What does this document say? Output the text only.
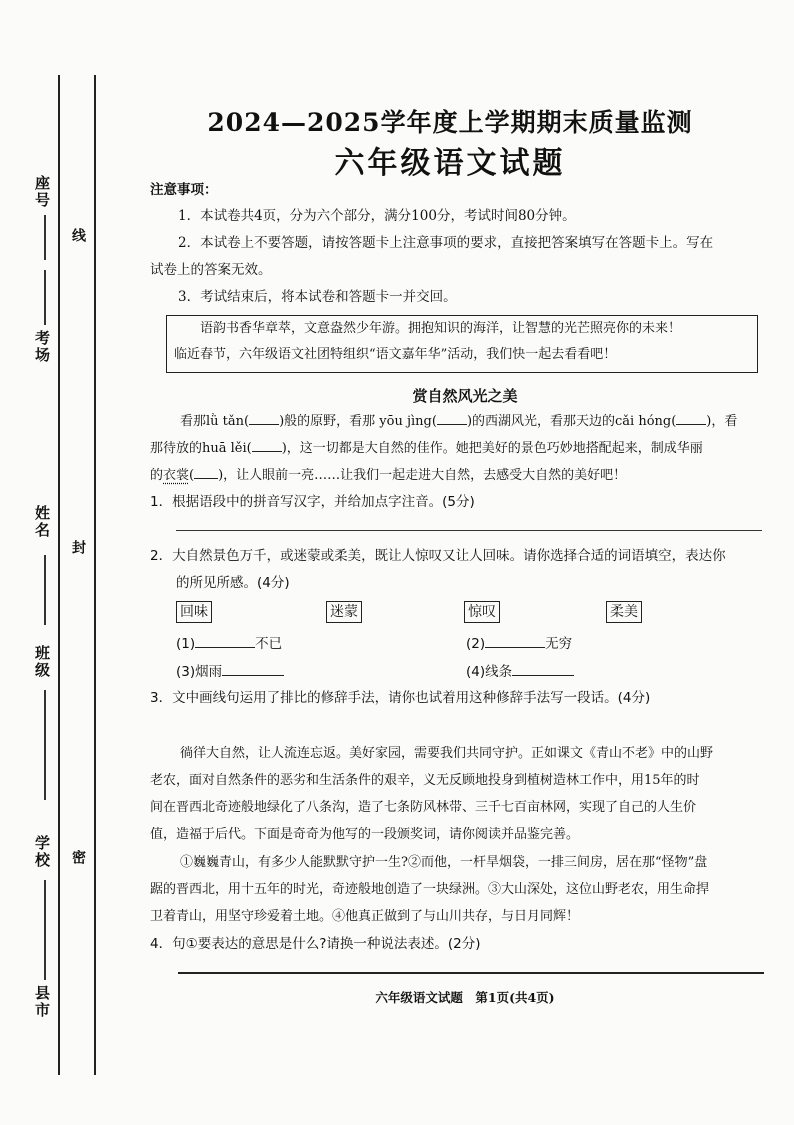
座号
考场
姓名
班级
学校
县市
线
封
密
2024—2025学年度上学期期末质量监测
六年级语文试题
注意事项：
1．本试卷共4页，分为六个部分，满分100分，考试时间80分钟。
2．本试卷上不要答题，请按答题卡上注意事项的要求，直接把答案填写在答题卡上。写在
试卷上的答案无效。
3．考试结束后，将本试卷和答题卡一并交回。
语韵书香华章萃，文意盎然少年游。拥抱知识的海洋，让智慧的光芒照亮你的未来！
临近春节，六年级语文社团特组织“语文嘉年华”活动，我们快一起去看看吧！
赏自然风光之美
看那lǜ tǎn( )般的原野，看那 yōu jìng( )的西湖风光，看那天边的cǎi hóng( )，看
那待放的huā lěi( )，这一切都是大自然的佳作。她把美好的景色巧妙地搭配起来，制成华丽
的衣裳( )，让人眼前一亮……让我们一起走进大自然，去感受大自然的美好吧！
1．根据语段中的拼音写汉字，并给加点字注音。(5分)
2．大自然景色万千，或迷蒙或柔美，既让人惊叹又让人回味。请你选择合适的词语填空，表达你
的所见所感。(4分)
回味	迷蒙	惊叹	柔美
(1)	不已	(2)	无穷
(3)烟雨	(4)线条
3．文中画线句运用了排比的修辞手法，请你也试着用这种修辞手法写一段话。(4分)
徜徉大自然，让人流连忘返。美好家园，需要我们共同守护。正如课文《青山不老》中的山野
老农，面对自然条件的恶劣和生活条件的艰辛，义无反顾地投身到植树造林工作中，用15年的时
间在晋西北奇迹般地绿化了八条沟，造了七条防风林带、三千七百亩林网，实现了自己的人生价
值，造福于后代。下面是奇奇为他写的一段颁奖词，请你阅读并品鉴完善。
①巍巍青山，有多少人能默默守护一生?②而他，一杆旱烟袋，一排三间房，居在那“怪物”盘
踞的晋西北，用十五年的时光，奇迹般地创造了一块绿洲。③大山深处，这位山野老农，用生命捍
卫着青山，用坚守珍爱着土地。④他真正做到了与山川共存，与日月同辉！
4．句①要表达的意思是什么?请换一种说法表述。(2分)
六年级语文试题　第1页(共4页)
